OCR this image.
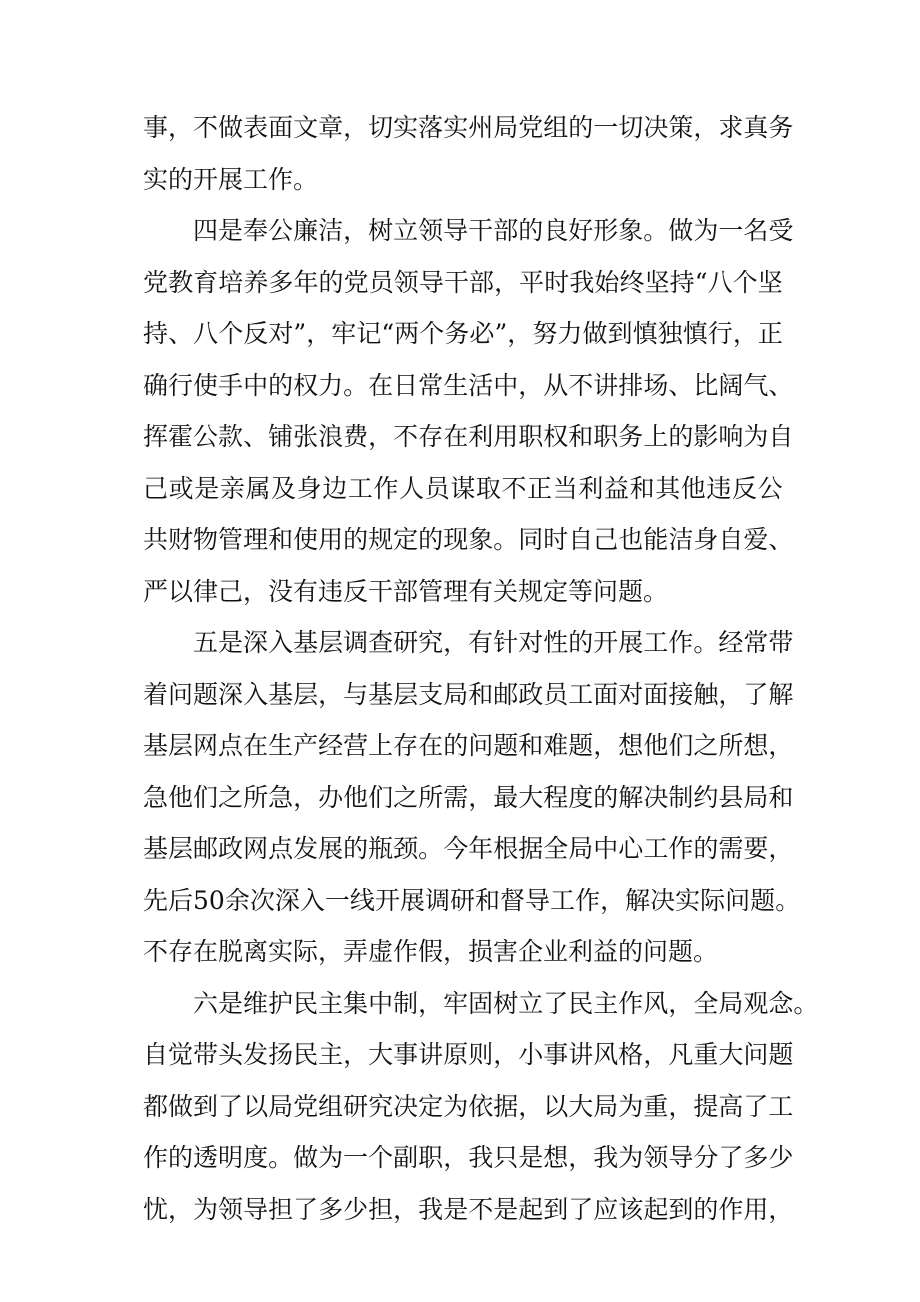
事 ， 不 做 表 面 文 章 ， 切 实 落 实 州 局 党 组 的 一 切 决 策 ， 求 真 务
实的开展工作。
四 是 奉 公 廉 洁 ， 树 立 领 导 干 部 的 良 好 形 象 。 做 为 一 名 受
党 教 育 培 养 多 年 的 党 员 领 导 干 部 ， 平 时 我 始 终 坚 持 “ 八 个 坚
持 、 八 个 反 对 ” ， 牢 记 “ 两 个 务 必 ” ， 努 力 做 到 慎 独 慎 行 ， 正
确 行 使 手 中 的 权 力 。 在 日 常 生 活 中 ， 从 不 讲 排 场 、 比 阔 气 、
挥 霍 公 款 、 铺 张 浪 费 ， 不 存 在 利 用 职 权 和 职 务 上 的 影 响 为 自
己 或 是 亲 属 及 身 边 工 作 人 员 谋 取 不 正 当 利 益 和 其 他 违 反 公
共 财 物 管 理 和 使 用 的 规 定 的 现 象 。 同 时 自 己 也 能 洁 身 自 爱 、
严以律己，没有违反干部管理有关规定等问题。
五 是 深 入 基 层 调 查 研 究 ， 有 针 对 性 的 开 展 工 作 。 经 常 带
着 问 题 深 入 基 层 ， 与 基 层 支 局 和 邮 政 员 工 面 对 面 接 触 ， 了 解
基 层 网 点 在 生 产 经 营 上 存 在 的 问 题 和 难 题 ， 想 他 们 之 所 想 ，
急 他 们 之 所 急 ， 办 他 们 之 所 需 ， 最 大 程 度 的 解 决 制 约 县 局 和
基 层 邮 政 网 点 发 展 的 瓶 颈 。 今 年 根 据 全 局 中 心 工 作 的 需 要 ，
先 后 50 余 次 深 入 一 线 开 展 调 研 和 督 导 工 作 ， 解 决 实 际 问 题 。
不存在脱离实际，弄虚作假，损害企业利益的问题。
六 是 维 护 民 主 集 中 制 ， 牢 固 树 立 了 民 主 作 风 ， 全 局 观 念 。
自 觉 带 头 发 扬 民 主 ， 大 事 讲 原 则 ， 小 事 讲 风 格 ， 凡 重 大 问 题
都 做 到 了 以 局 党 组 研 究 决 定 为 依 据 ， 以 大 局 为 重 ， 提 高 了 工
作 的 透 明 度 。 做 为 一 个 副 职 ， 我 只 是 想 ， 我 为 领 导 分 了 多 少
忧 ， 为 领 导 担 了 多 少 担 ， 我 是 不 是 起 到 了 应 该 起 到 的 作 用 ，
